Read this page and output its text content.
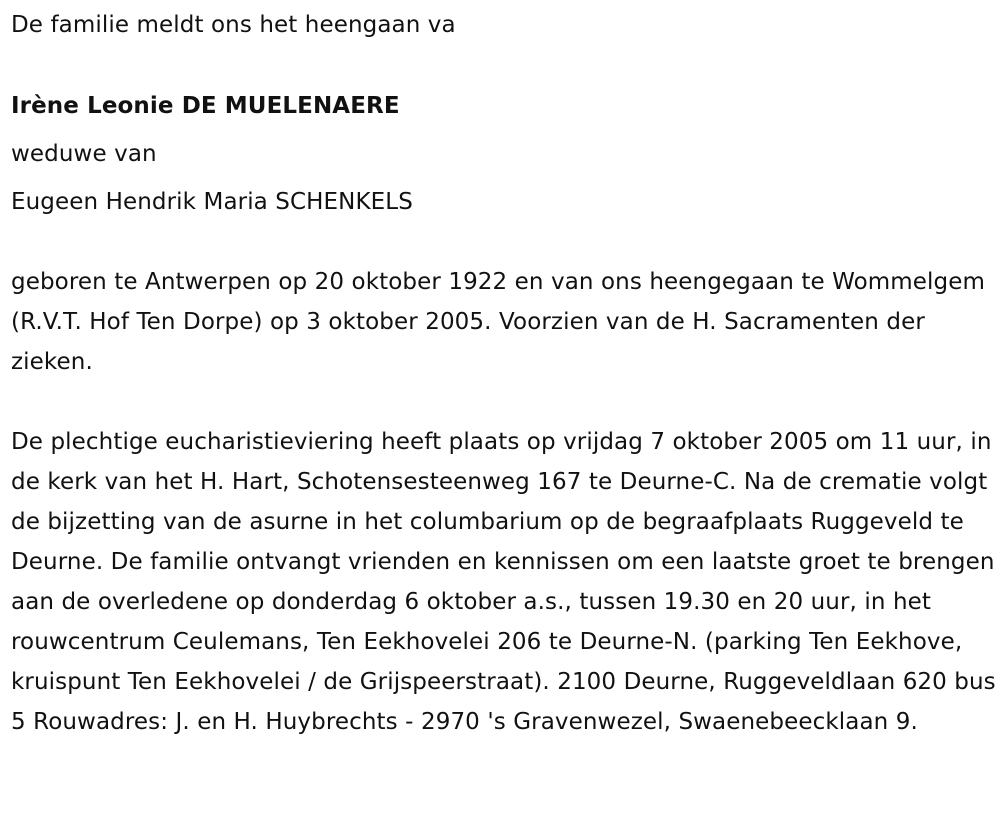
De familie meldt ons het heengaan va

Irène Leonie DE MUELENAERE

weduwe van

Eugeen Hendrik Maria SCHENKELS

geboren te Antwerpen op 20 oktober 1922 en van ons heengegaan te Wommelgem (R.V.T. Hof Ten Dorpe) op 3 oktober 2005. Voorzien van de H. Sacramenten der zieken.

De plechtige eucharistieviering heeft plaats op vrijdag 7 oktober 2005 om 11 uur, in de kerk van het H. Hart, Schotensesteenweg 167 te Deurne-C. Na de crematie volgt de bijzetting van de asurne in het columbarium op de begraafplaats Ruggeveld te Deurne. De familie ontvangt vrienden en kennissen om een laatste groet te brengen aan de overledene op donderdag 6 oktober a.s., tussen 19.30 en 20 uur, in het rouwcentrum Ceulemans, Ten Eekhovelei 206 te Deurne-N. (parking Ten Eekhove, kruispunt Ten Eekhovelei / de Grijspeerstraat). 2100 Deurne, Ruggeveldlaan 620 bus 5 Rouwadres: J. en H. Huybrechts - 2970 's Gravenwezel, Swaenebeecklaan 9.
